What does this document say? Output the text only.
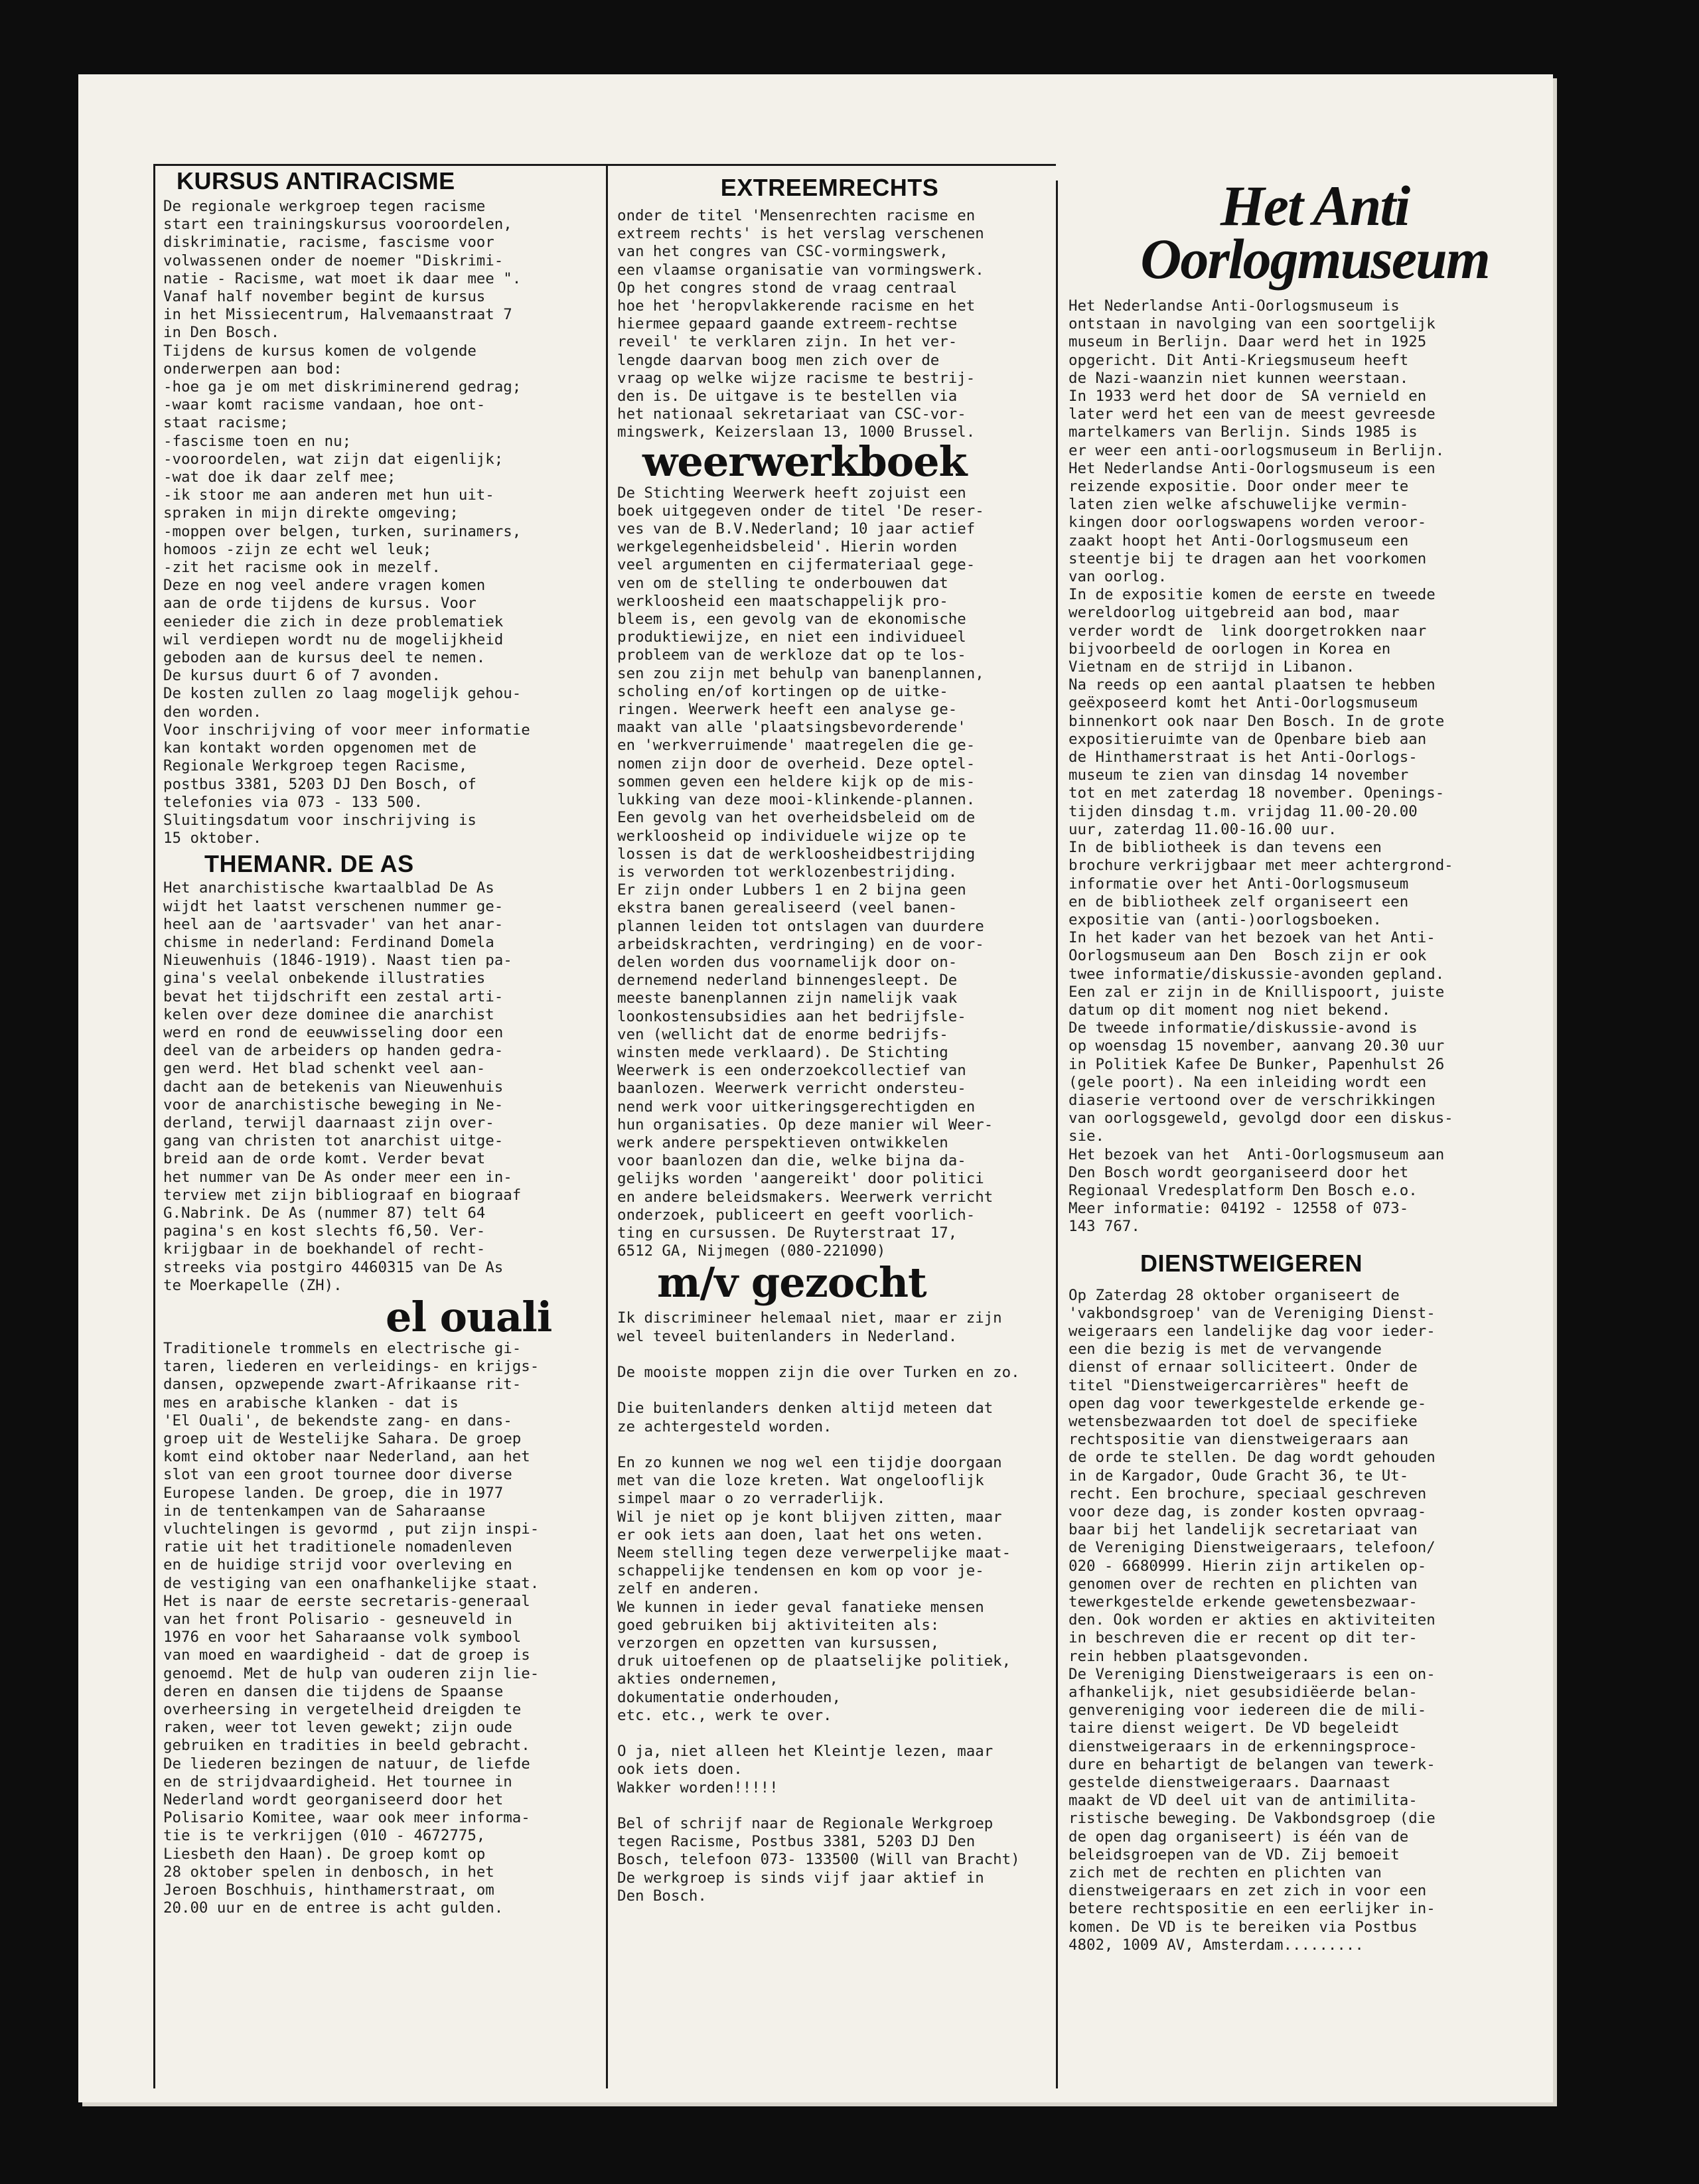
KURSUS ANTIRACISME

De regionale werkgroep tegen racisme
start een trainingskursus vooroordelen,
diskriminatie, racisme, fascisme voor
volwassenen onder de noemer "Diskrimi-
natie - Racisme, wat moet ik daar mee ".
Vanaf half november begint de kursus
in het Missiecentrum, Halvemaanstraat 7
in Den Bosch.
Tijdens de kursus komen de volgende
onderwerpen aan bod:
-hoe ga je om met diskriminerend gedrag;
-waar komt racisme vandaan, hoe ont-
staat racisme;
-fascisme toen en nu;
-vooroordelen, wat zijn dat eigenlijk;
-wat doe ik daar zelf mee;
-ik stoor me aan anderen met hun uit-
spraken in mijn direkte omgeving;
-moppen over belgen, turken, surinamers,
homoos -zijn ze echt wel leuk;
-zit het racisme ook in mezelf.
Deze en nog veel andere vragen komen
aan de orde tijdens de kursus. Voor
eenieder die zich in deze problematiek
wil verdiepen wordt nu de mogelijkheid
geboden aan de kursus deel te nemen.
De kursus duurt 6 of 7 avonden.
De kosten zullen zo laag mogelijk gehou-
den worden.
Voor inschrijving of voor meer informatie
kan kontakt worden opgenomen met de
Regionale Werkgroep tegen Racisme,
postbus 3381, 5203 DJ Den Bosch, of
telefonies via 073 - 133 500.
Sluitingsdatum voor inschrijving is
15 oktober.

THEMANR. DE AS

Het anarchistische kwartaalblad De As
wijdt het laatst verschenen nummer ge-
heel aan de 'aartsvader' van het anar-
chisme in nederland: Ferdinand Domela
Nieuwenhuis (1846-1919). Naast tien pa-
gina's veelal onbekende illustraties
bevat het tijdschrift een zestal arti-
kelen over deze dominee die anarchist
werd en rond de eeuwwisseling door een
deel van de arbeiders op handen gedra-
gen werd. Het blad schenkt veel aan-
dacht aan de betekenis van Nieuwenhuis
voor de anarchistische beweging in Ne-
derland, terwijl daarnaast zijn over-
gang van christen tot anarchist uitge-
breid aan de orde komt. Verder bevat
het nummer van De As onder meer een in-
terview met zijn bibliograaf en biograaf
G.Nabrink. De As (nummer 87) telt 64
pagina's en kost slechts f6,50. Ver-
krijgbaar in de boekhandel of recht-
streeks via postgiro 4460315 van De As
te Moerkapelle (ZH).

el ouali

Traditionele trommels en electrische gi-
taren, liederen en verleidings- en krijgs-
dansen, opzwepende zwart-Afrikaanse rit-
mes en arabische klanken - dat is
'El Ouali', de bekendste zang- en dans-
groep uit de Westelijke Sahara. De groep
komt eind oktober naar Nederland, aan het
slot van een groot tournee door diverse
Europese landen. De groep, die in 1977
in de tentenkampen van de Saharaanse
vluchtelingen is gevormd , put zijn inspi-
ratie uit het traditionele nomadenleven
en de huidige strijd voor overleving en
de vestiging van een onafhankelijke staat.
Het is naar de eerste secretaris-generaal
van het front Polisario - gesneuveld in
1976 en voor het Saharaanse volk symbool
van moed en waardigheid - dat de groep is
genoemd. Met de hulp van ouderen zijn lie-
deren en dansen die tijdens de Spaanse
overheersing in vergetelheid dreigden te
raken, weer tot leven gewekt; zijn oude
gebruiken en tradities in beeld gebracht.
De liederen bezingen de natuur, de liefde
en de strijdvaardigheid. Het tournee in
Nederland wordt georganiseerd door het
Polisario Komitee, waar ook meer informa-
tie is te verkrijgen (010 - 4672775,
Liesbeth den Haan). De groep komt op
28 oktober spelen in denbosch, in het
Jeroen Boschhuis, hinthamerstraat, om
20.00 uur en de entree is acht gulden.

EXTREEMRECHTS

onder de titel 'Mensenrechten racisme en
extreem rechts' is het verslag verschenen
van het congres van CSC-vormingswerk,
een vlaamse organisatie van vormingswerk.
Op het congres stond de vraag centraal
hoe het 'heropvlakkerende racisme en het
hiermee gepaard gaande extreem-rechtse
reveil' te verklaren zijn. In het ver-
lengde daarvan boog men zich over de
vraag op welke wijze racisme te bestrij-
den is. De uitgave is te bestellen via
het nationaal sekretariaat van CSC-vor-
mingswerk, Keizerslaan 13, 1000 Brussel.

weerwerkboek

De Stichting Weerwerk heeft zojuist een
boek uitgegeven onder de titel 'De reser-
ves van de B.V.Nederland; 10 jaar actief
werkgelegenheidsbeleid'. Hierin worden
veel argumenten en cijfermateriaal gege-
ven om de stelling te onderbouwen dat
werkloosheid een maatschappelijk pro-
bleem is, een gevolg van de ekonomische
produktiewijze, en niet een individueel
probleem van de werkloze dat op te los-
sen zou zijn met behulp van banenplannen,
scholing en/of kortingen op de uitke-
ringen. Weerwerk heeft een analyse ge-
maakt van alle 'plaatsingsbevorderende'
en 'werkverruimende' maatregelen die ge-
nomen zijn door de overheid. Deze optel-
sommen geven een heldere kijk op de mis-
lukking van deze mooi-klinkende-plannen.
Een gevolg van het overheidsbeleid om de
werkloosheid op individuele wijze op te
lossen is dat de werkloosheidbestrijding
is verworden tot werklozenbestrijding.
Er zijn onder Lubbers 1 en 2 bijna geen
ekstra banen gerealiseerd (veel banen-
plannen leiden tot ontslagen van duurdere
arbeidskrachten, verdringing) en de voor-
delen worden dus voornamelijk door on-
dernemend nederland binnengesleept. De
meeste banenplannen zijn namelijk vaak
loonkostensubsidies aan het bedrijfsle-
ven (wellicht dat de enorme bedrijfs-
winsten mede verklaard). De Stichting
Weerwerk is een onderzoekcollectief van
baanlozen. Weerwerk verricht ondersteu-
nend werk voor uitkeringsgerechtigden en
hun organisaties. Op deze manier wil Weer-
werk andere perspektieven ontwikkelen
voor baanlozen dan die, welke bijna da-
gelijks worden 'aangereikt' door politici
en andere beleidsmakers. Weerwerk verricht
onderzoek, publiceert en geeft voorlich-
ting en cursussen. De Ruyterstraat 17,
6512 GA, Nijmegen (080-221090)

m/v gezocht

Ik discrimineer helemaal niet, maar er zijn
wel teveel buitenlanders in Nederland.

De mooiste moppen zijn die over Turken en zo.

Die buitenlanders denken altijd meteen dat
ze achtergesteld worden.

En zo kunnen we nog wel een tijdje doorgaan
met van die loze kreten. Wat ongelooflijk
simpel maar o zo verraderlijk.
Wil je niet op je kont blijven zitten, maar
er ook iets aan doen, laat het ons weten.
Neem stelling tegen deze verwerpelijke maat-
schappelijke tendensen en kom op voor je-
zelf en anderen.
We kunnen in ieder geval fanatieke mensen
goed gebruiken bij aktiviteiten als:
verzorgen en opzetten van kursussen,
druk uitoefenen op de plaatselijke politiek,
akties ondernemen,
dokumentatie onderhouden,
etc. etc., werk te over.

O ja, niet alleen het Kleintje lezen, maar
ook iets doen.
Wakker worden!!!!!

Bel of schrijf naar de Regionale Werkgroep
tegen Racisme, Postbus 3381, 5203 DJ Den
Bosch, telefoon 073- 133500 (Will van Bracht)
De werkgroep is sinds vijf jaar aktief in
Den Bosch.

Het Anti
Oorlogmuseum

Het Nederlandse Anti-Oorlogsmuseum is
ontstaan in navolging van een soortgelijk
museum in Berlijn. Daar werd het in 1925
opgericht. Dit Anti-Kriegsmuseum heeft
de Nazi-waanzin niet kunnen weerstaan.
In 1933 werd het door de  SA vernield en
later werd het een van de meest gevreesde
martelkamers van Berlijn. Sinds 1985 is
er weer een anti-oorlogsmuseum in Berlijn.
Het Nederlandse Anti-Oorlogsmuseum is een
reizende expositie. Door onder meer te
laten zien welke afschuwelijke vermin-
kingen door oorlogswapens worden veroor-
zaakt hoopt het Anti-Oorlogsmuseum een
steentje bij te dragen aan het voorkomen
van oorlog.
In de expositie komen de eerste en tweede
wereldoorlog uitgebreid aan bod, maar
verder wordt de  link doorgetrokken naar
bijvoorbeeld de oorlogen in Korea en
Vietnam en de strijd in Libanon.
Na reeds op een aantal plaatsen te hebben
geëxposeerd komt het Anti-Oorlogsmuseum
binnenkort ook naar Den Bosch. In de grote
expositieruimte van de Openbare bieb aan
de Hinthamerstraat is het Anti-Oorlogs-
museum te zien van dinsdag 14 november
tot en met zaterdag 18 november. Openings-
tijden dinsdag t.m. vrijdag 11.00-20.00
uur, zaterdag 11.00-16.00 uur.
In de bibliotheek is dan tevens een
brochure verkrijgbaar met meer achtergrond-
informatie over het Anti-Oorlogsmuseum
en de bibliotheek zelf organiseert een
expositie van (anti-)oorlogsboeken.
In het kader van het bezoek van het Anti-
Oorlogsmuseum aan Den  Bosch zijn er ook
twee informatie/diskussie-avonden gepland.
Een zal er zijn in de Knillispoort, juiste
datum op dit moment nog niet bekend.
De tweede informatie/diskussie-avond is
op woensdag 15 november, aanvang 20.30 uur
in Politiek Kafee De Bunker, Papenhulst 26
(gele poort). Na een inleiding wordt een
diaserie vertoond over de verschrikkingen
van oorlogsgeweld, gevolgd door een diskus-
sie.
Het bezoek van het  Anti-Oorlogsmuseum aan
Den Bosch wordt georganiseerd door het
Regionaal Vredesplatform Den Bosch e.o.
Meer informatie: 04192 - 12558 of 073-
143 767.

DIENSTWEIGEREN

Op Zaterdag 28 oktober organiseert de
'vakbondsgroep' van de Vereniging Dienst-
weigeraars een landelijke dag voor ieder-
een die bezig is met de vervangende
dienst of ernaar solliciteert. Onder de
titel "Dienstweigercarrières" heeft de
open dag voor tewerkgestelde erkende ge-
wetensbezwaarden tot doel de specifieke
rechtspositie van dienstweigeraars aan
de orde te stellen. De dag wordt gehouden
in de Kargador, Oude Gracht 36, te Ut-
recht. Een brochure, speciaal geschreven
voor deze dag, is zonder kosten opvraag-
baar bij het landelijk secretariaat van
de Vereniging Dienstweigeraars, telefoon/
020 - 6680999. Hierin zijn artikelen op-
genomen over de rechten en plichten van
tewerkgestelde erkende gewetensbezwaar-
den. Ook worden er akties en aktiviteiten
in beschreven die er recent op dit ter-
rein hebben plaatsgevonden.
De Vereniging Dienstweigeraars is een on-
afhankelijk, niet gesubsidiëerde belan-
genvereniging voor iedereen die de mili-
taire dienst weigert. De VD begeleidt
dienstweigeraars in de erkenningsproce-
dure en behartigt de belangen van tewerk-
gestelde dienstweigeraars. Daarnaast
maakt de VD deel uit van de antimilita-
ristische beweging. De Vakbondsgroep (die
de open dag organiseert) is één van de
beleidsgroepen van de VD. Zij bemoeit
zich met de rechten en plichten van
dienstweigeraars en zet zich in voor een
betere rechtspositie en een eerlijker in-
komen. De VD is te bereiken via Postbus
4802, 1009 AV, Amsterdam.........
